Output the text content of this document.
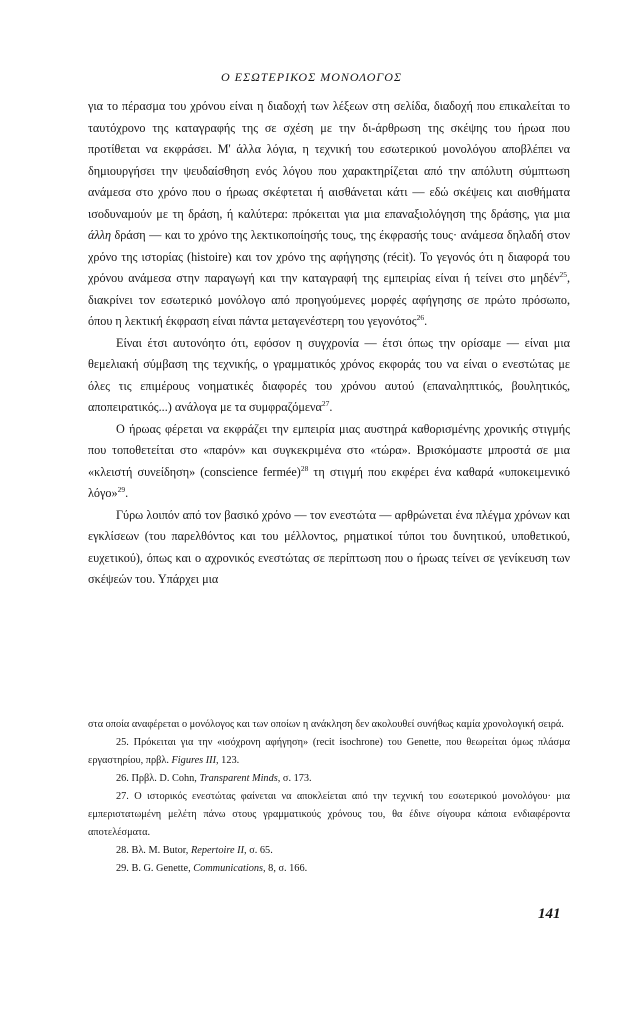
Ο ΕΣΩΤΕΡΙΚΟΣ ΜΟΝΟΛΟΓΟΣ

για το πέρασμα του χρόνου είναι η διαδοχή των λέξεων στη σελίδα, διαδοχή που επικαλείται το ταυτόχρονο της καταγραφής της σε σχέση με την δι-άρθρωση της σκέψης του ήρωα που προτίθεται να εκφράσει. Μ' άλλα λόγια, η τεχνική του εσωτερικού μονολόγου αποβλέπει να δημιουργήσει την ψευδαίσθηση ενός λόγου που χαρακτηρίζεται από την απόλυτη σύμπτωση ανάμεσα στο χρόνο που ο ήρωας σκέφτεται ή αισθάνεται κάτι — εδώ σκέψεις και αισθήματα ισοδυναμούν με τη δράση, ή καλύτερα: πρόκειται για μια επαναξιολόγηση της δράσης, για μια άλλη δράση — και το χρόνο της λεκτικοποίησής τους, της έκφρασής τους· ανάμεσα δηλαδή στον χρόνο της ιστορίας (histoire) και τον χρόνο της αφήγησης (récit). Το γεγονός ότι η διαφορά του χρόνου ανάμεσα στην παραγωγή και την καταγραφή της εμπειρίας είναι ή τείνει στο μηδέν$^{25}$, διακρίνει τον εσωτερικό μονόλογο από προηγούμενες μορφές αφήγησης σε πρώτο πρόσωπο, όπου η λεκτική έκφραση είναι πάντα μεταγενέστερη του γεγονότος$^{26}$.

Είναι έτσι αυτονόητο ότι, εφόσον η συγχρονία — έτσι όπως την ορίσαμε — είναι μια θεμελιακή σύμβαση της τεχνικής, ο γραμματικός χρόνος εκφοράς του να είναι ο ενεστώτας με όλες τις επιμέρους νοηματικές διαφορές του χρόνου αυτού (επαναληπτικός, βουλητικός, αποπειρατικός...) ανάλογα με τα συμφραζόμενα$^{27}$.

Ο ήρωας φέρεται να εκφράζει την εμπειρία μιας αυστηρά καθορισμένης χρονικής στιγμής που τοποθετείται στο «παρόν» και συγκεκριμένα στο «τώρα». Βρισκόμαστε μπροστά σε μια «κλειστή συνείδηση» (conscience fermée)$^{28}$ τη στιγμή που εκφέρει ένα καθαρά «υποκειμενικό λόγο»$^{29}$.

Γύρω λοιπόν από τον βασικό χρόνο — τον ενεστώτα — αρθρώνεται ένα πλέγμα χρόνων και εγκλίσεων (του παρελθόντος και του μέλλοντος, ρηματικοί τύποι του δυνητικού, υποθετικού, ευχετικού), όπως και ο αχρονικός ενεστώτας σε περίπτωση που ο ήρωας τείνει σε γενίκευση των σκέψεών του. Υπάρχει μια

στα οποία αναφέρεται ο μονόλογος και των οποίων η ανάκληση δεν ακολουθεί συνήθως καμία χρονολογική σειρά.

25. Πρόκειται για την «ισόχρονη αφήγηση» (recit isochrone) του Genette, που θεωρείται όμως πλάσμα εργαστηρίου, πρβλ. Figures III, 123.

26. Πρβλ. D. Cohn, Transparent Minds, σ. 173.

27. Ο ιστορικός ενεστώτας φαίνεται να αποκλείεται από την τεχνική του εσωτερικού μονολόγου· μια εμπεριστατωμένη μελέτη πάνω στους γραμματικούς χρόνους του, θα έδινε σίγουρα κάποια ενδιαφέροντα αποτελέσματα.

28. Βλ. M. Butor, Repertoire II, σ. 65.

29. B. G. Genette, Communications, 8, σ. 166.

141
